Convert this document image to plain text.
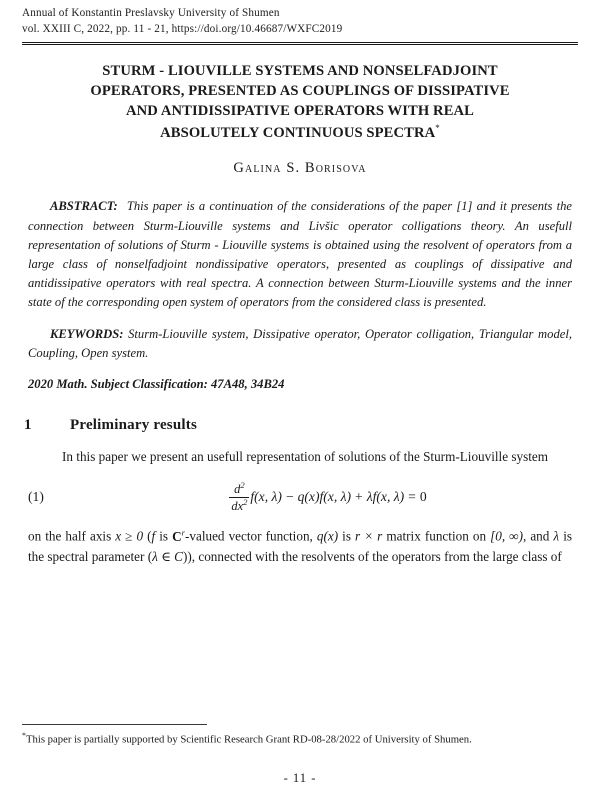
Annual of Konstantin Preslavsky University of Shumen
vol. XXIII C, 2022, pp. 11 - 21, https://doi.org/10.46687/WXFC2019
STURM - LIOUVILLE SYSTEMS AND NONSELFADJOINT
OPERATORS, PRESENTED AS COUPLINGS OF DISSIPATIVE
AND ANTIDISSIPATIVE OPERATORS WITH REAL
ABSOLUTELY CONTINUOUS SPECTRA*
Galina S. Borisova
ABSTRACT: This paper is a continuation of the considerations of the paper [1] and it presents the connection between Sturm-Liouville systems and Livšic operator colligations theory. An usefull representation of solutions of Sturm - Liouville systems is obtained using the resolvent of operators from a large class of nonselfadjoint nondissipative operators, presented as couplings of dissipative and antidissipative operators with real spectra. A connection between Sturm-Liouville systems and the inner state of the corresponding open system of operators from the considered class is presented.
KEYWORDS: Sturm-Liouville system, Dissipative operator, Operator colligation, Triangular model, Coupling, Open system.
2020 Math. Subject Classification: 47A48, 34B24
1	Preliminary results
In this paper we present an usefull representation of solutions of the Sturm-Liouville system
(1)	$\frac{d^2}{dx^2} f(x$, λ) − q(x)f(x, λ) + λf(x, λ) = 0
on the half axis x ≥ 0 (f is $C^r$-valued vector function, q(x) is r × r matrix function on [0, ∞), and λ is the spectral parameter (λ ∈ C)), connected with the resolvents of the operators from the large class of
*This paper is partially supported by Scientific Research Grant RD-08-28/2022 of University of Shumen.
- 11 -
